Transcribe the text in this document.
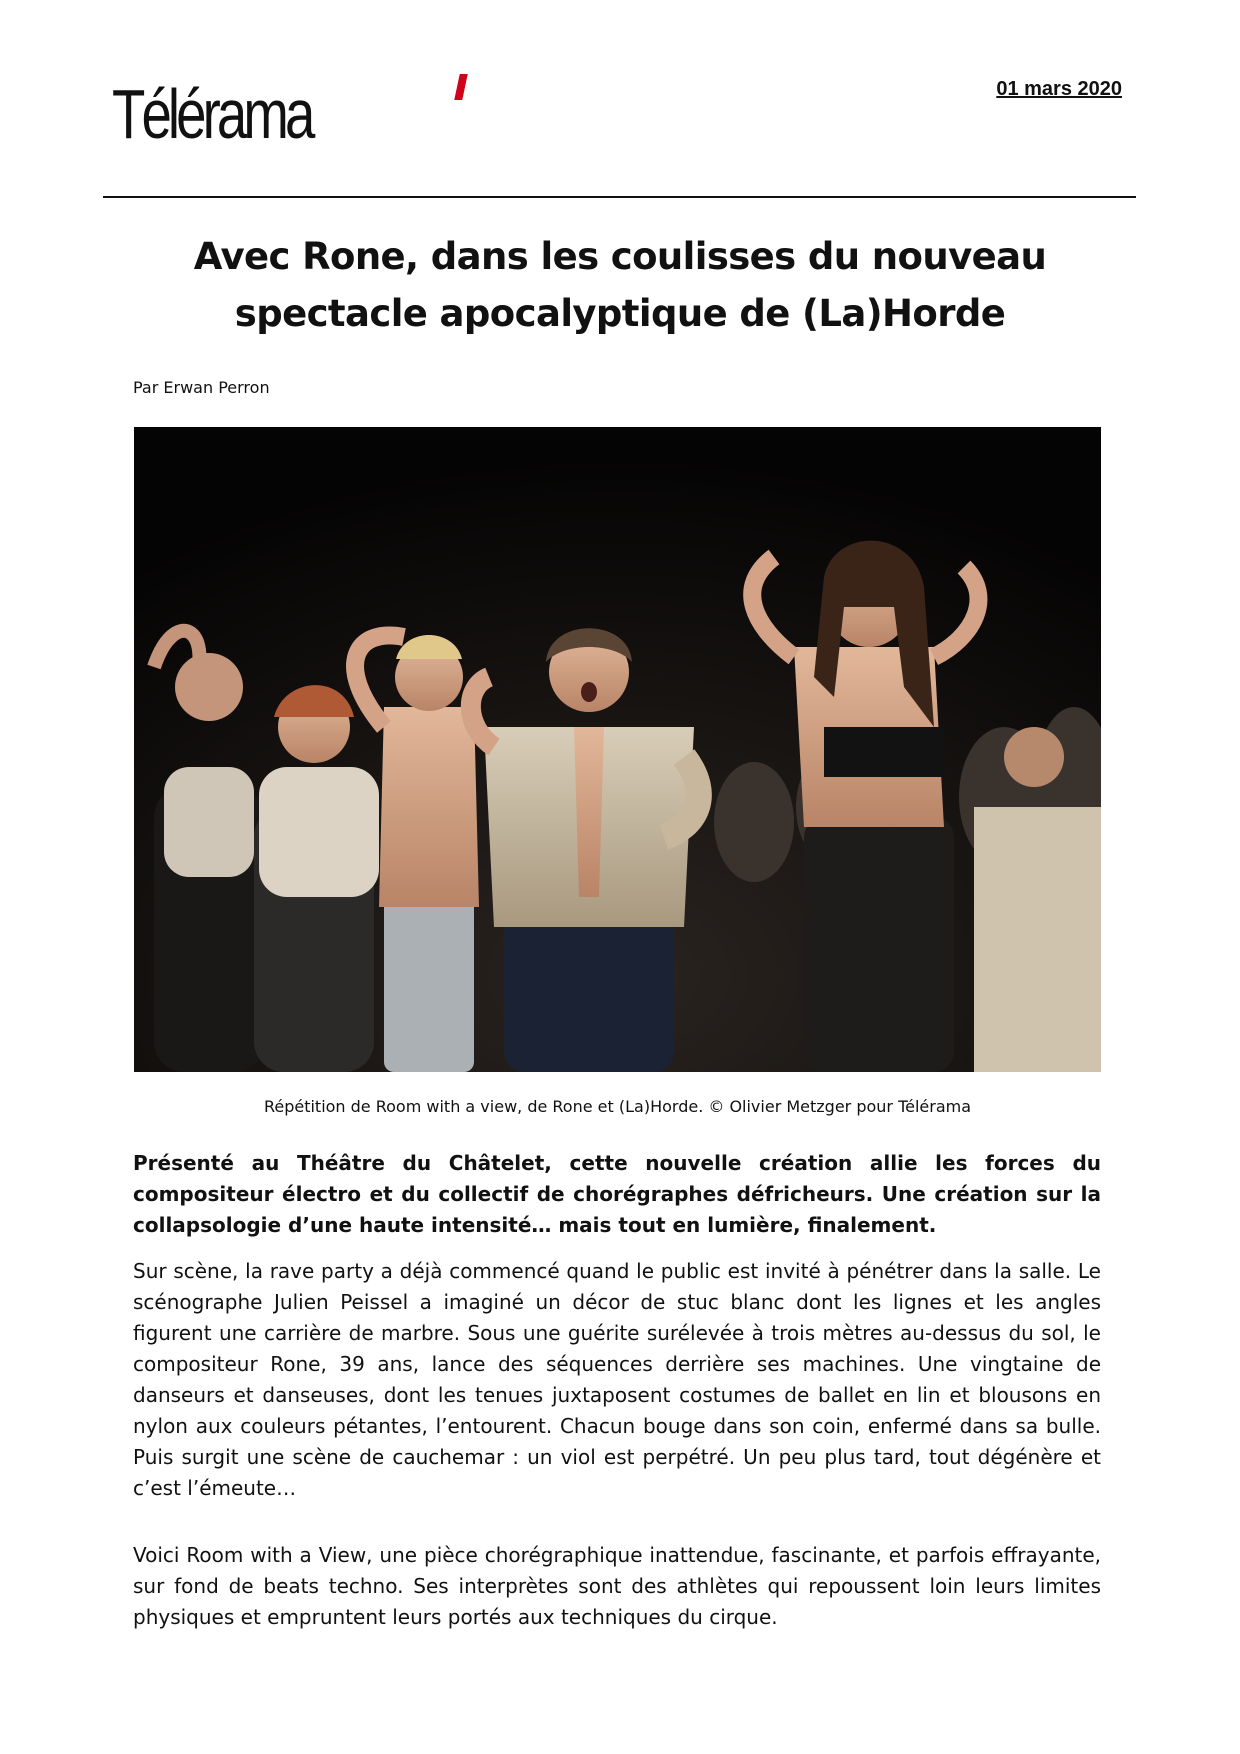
Télérama	01 mars 2020
Avec Rone, dans les coulisses du nouveau spectacle apocalyptique de (La)Horde
Par Erwan Perron
Répétition de Room with a view, de Rone et (La)Horde. © Olivier Metzger pour Télérama

Présenté au Théâtre du Châtelet, cette nouvelle création allie les forces du compositeur électro et du collectif de chorégraphes défricheurs. Une création sur la collapsologie d’une haute intensité… mais tout en lumière, finalement.

Sur scène, la rave party a déjà commencé quand le public est invité à pénétrer dans la salle. Le scénographe Julien Peissel a imaginé un décor de stuc blanc dont les lignes et les angles figurent une carrière de marbre. Sous une guérite surélevée à trois mètres au-dessus du sol, le compositeur Rone, 39 ans, lance des séquences derrière ses machines. Une vingtaine de danseurs et danseuses, dont les tenues juxtaposent costumes de ballet en lin et blousons en nylon aux couleurs pétantes, l’entourent. Chacun bouge dans son coin, enfermé dans sa bulle. Puis surgit une scène de cauchemar : un viol est perpétré. Un peu plus tard, tout dégénère et c’est l’émeute…

Voici Room with a View, une pièce chorégraphique inattendue, fascinante, et parfois effrayante, sur fond de beats techno. Ses interprètes sont des athlètes qui repoussent loin leurs limites physiques et empruntent leurs portés aux techniques du cirque.
